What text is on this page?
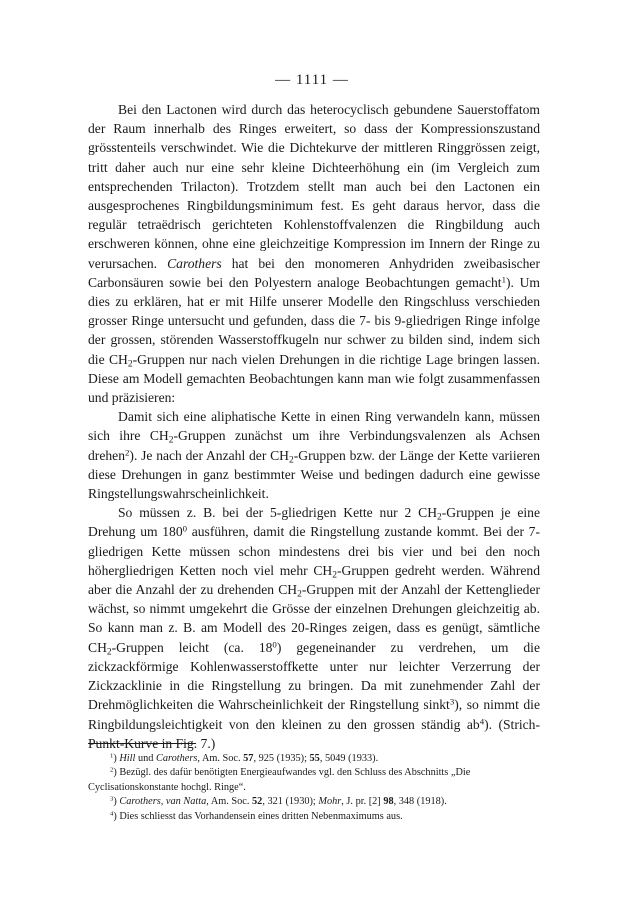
— 1111 —

Bei den Lactonen wird durch das heterocyclisch gebundene Sauerstoffatom der Raum innerhalb des Ringes erweitert, so dass der Kompressionszustand grösstenteils verschwindet. Wie die Dichtekurve der mittleren Ringgrössen zeigt, tritt daher auch nur eine sehr kleine Dichteerhöhung ein (im Vergleich zum entsprechenden Trilacton). Trotzdem stellt man auch bei den Lactonen ein ausgesprochenes Ringbildungsminimum fest. Es geht daraus hervor, dass die regulär tetraëdrisch gerichteten Kohlenstoffvalenzen die Ringbildung auch erschweren können, ohne eine gleichzeitige Kompression im Innern der Ringe zu verursachen. Carothers hat bei den monomeren Anhydriden zweibasischer Carbonsäuren sowie bei den Polyestern analoge Beobachtungen gemacht$^1$). Um dies zu erklären, hat er mit Hilfe unserer Modelle den Ringschluss verschieden grosser Ringe untersucht und gefunden, dass die 7- bis 9-gliedrigen Ringe infolge der grossen, störenden Wasserstoffkugeln nur schwer zu bilden sind, indem sich die $CH_2$-Gruppen nur nach vielen Drehungen in die richtige Lage bringen lassen. Diese am Modell gemachten Beobachtungen kann man wie folgt zusammenfassen und präzisieren:

Damit sich eine aliphatische Kette in einen Ring verwandeln kann, müssen sich ihre $CH_2$-Gruppen zunächst um ihre Verbindungsvalenzen als Achsen drehen$^2$). Je nach der Anzahl der $CH_2$-Gruppen bzw. der Länge der Kette variieren diese Drehungen in ganz bestimmter Weise und bedingen dadurch eine gewisse Ringstellungswahrscheinlichkeit.

So müssen z. B. bei der 5-gliedrigen Kette nur 2 $CH_2$-Gruppen je eine Drehung um $180^0$ ausführen, damit die Ringstellung zustande kommt. Bei der 7-gliedrigen Kette müssen schon mindestens drei bis vier und bei den noch höhergliedrigen Ketten noch viel mehr $CH_2$-Gruppen gedreht werden. Während aber die Anzahl der zu drehenden $CH_2$-Gruppen mit der Anzahl der Kettenglieder wächst, so nimmt umgekehrt die Grösse der einzelnen Drehungen gleichzeitig ab. So kann man z. B. am Modell des 20-Ringes zeigen, dass es genügt, sämtliche $CH_2$-Gruppen leicht (ca. $18^0$) gegeneinander zu verdrehen, um die zickzackförmige Kohlenwasserstoffkette unter nur leichter Verzerrung der Zickzacklinie in die Ringstellung zu bringen. Da mit zunehmender Zahl der Drehmöglichkeiten die Wahrscheinlichkeit der Ringstellung sinkt$^3$), so nimmt die Ringbildungsleichtigkeit von den kleinen zu den grossen ständig $ab^4$). (Strich-Punkt-Kurve in Fig. 7.)

$^1$) Hill und Carothers, Am. Soc. 57, 925 (1935); 55, 5049 (1933).

$^2$) Bezügl. des dafür benötigten Energieaufwandes vgl. den Schluss des Abschnitts „Die Cyclisationskonstante hochgl. Ringe“.

$^3$) Carothers, van Natta, Am. Soc. 52, 321 (1930); Mohr, J. pr. [2] 98, 348 (1918).

$^4$) Dies schliesst das Vorhandensein eines dritten Nebenmaximums aus.
